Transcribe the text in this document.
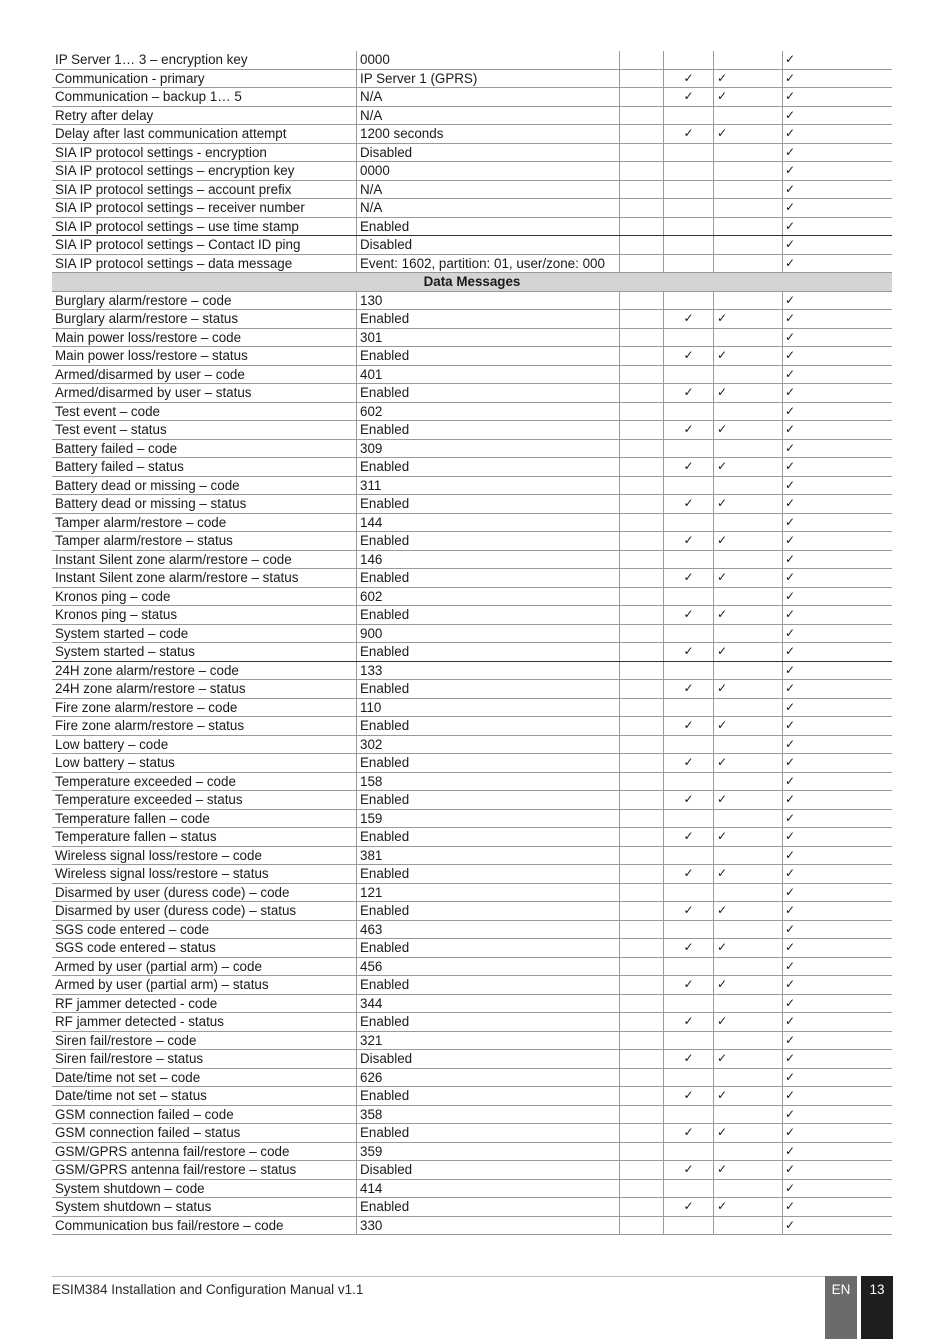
IP Server 1… 3 – encryption key	0000				✓
Communication - primary	IP Server 1 (GPRS)		✓	✓	✓
Communication – backup 1… 5	N/A		✓	✓	✓
Retry after delay	N/A				✓
Delay after last communication attempt	1200 seconds		✓	✓	✓
SIA IP protocol settings - encryption	Disabled				✓
SIA IP protocol settings – encryption key	0000				✓
SIA IP protocol settings – account prefix	N/A				✓
SIA IP protocol settings – receiver number	N/A				✓
SIA IP protocol settings – use time stamp	Enabled				✓
SIA IP protocol settings – Contact ID ping	Disabled				✓
SIA IP protocol settings – data message	Event: 1602, partition: 01, user/zone: 000				✓
Data Messages					
Burglary alarm/restore – code	130				✓
Burglary alarm/restore – status	Enabled		✓	✓	✓
Main power loss/restore – code	301				✓
Main power loss/restore – status	Enabled		✓	✓	✓
Armed/disarmed by user – code	401				✓
Armed/disarmed by user – status	Enabled		✓	✓	✓
Test event – code	602				✓
Test event – status	Enabled		✓	✓	✓
Battery failed – code	309				✓
Battery failed – status	Enabled		✓	✓	✓
Battery dead or missing – code	311				✓
Battery dead or missing – status	Enabled		✓	✓	✓
Tamper alarm/restore – code	144				✓
Tamper alarm/restore – status	Enabled		✓	✓	✓
Instant Silent zone alarm/restore – code	146				✓
Instant Silent zone alarm/restore – status	Enabled		✓	✓	✓
Kronos ping – code	602				✓
Kronos ping – status	Enabled		✓	✓	✓
System started – code	900				✓
System started – status	Enabled		✓	✓	✓
24H zone alarm/restore – code	133				✓
24H zone alarm/restore – status	Enabled		✓	✓	✓
Fire zone alarm/restore – code	110				✓
Fire zone alarm/restore – status	Enabled		✓	✓	✓
Low battery – code	302				✓
Low battery – status	Enabled		✓	✓	✓
Temperature exceeded – code	158				✓
Temperature exceeded – status	Enabled		✓	✓	✓
Temperature fallen – code	159				✓
Temperature fallen – status	Enabled		✓	✓	✓
Wireless signal loss/restore – code	381				✓
Wireless signal loss/restore – status	Enabled		✓	✓	✓
Disarmed by user (duress code) – code	121				✓
Disarmed by user (duress code) – status	Enabled		✓	✓	✓
SGS code entered – code	463				✓
SGS code entered – status	Enabled		✓	✓	✓
Armed by user (partial arm) – code	456				✓
Armed by user (partial arm) – status	Enabled		✓	✓	✓
RF jammer detected - code	344				✓
RF jammer detected - status	Enabled		✓	✓	✓
Siren fail/restore – code	321				✓
Siren fail/restore – status	Disabled		✓	✓	✓
Date/time not set – code	626				✓
Date/time not set – status	Enabled		✓	✓	✓
GSM connection failed – code	358				✓
GSM connection failed – status	Enabled		✓	✓	✓
GSM/GPRS antenna fail/restore – code	359				✓
GSM/GPRS antenna fail/restore – status	Disabled		✓	✓	✓
System shutdown – code	414				✓
System shutdown – status	Enabled		✓	✓	✓
Communication bus fail/restore – code	330				✓
ESIM384 Installation and Configuration Manual v1.1	EN	13
